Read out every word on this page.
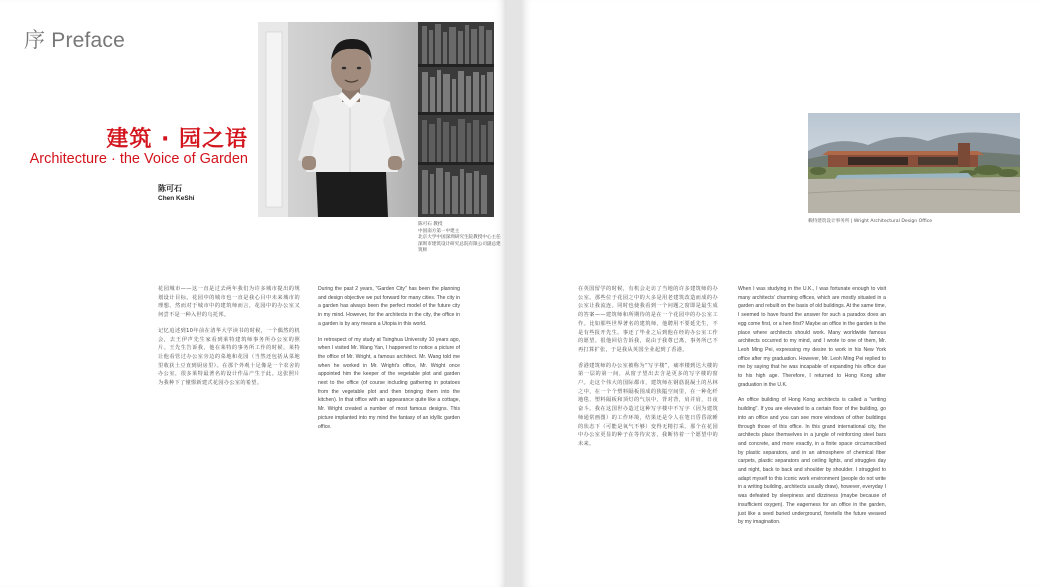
序 Preface
建筑 · 园之语
Architecture · the Voice of Garden
陈可石
Chen KeShi
陈可石 教授
中国南方第一中建主
北京大学中国深圳研究生院教授中心主任
深圳市建筑设计研究总院有限公司副总建筑师

花园城市——这一直是过去两年我们为许多城市提出的规划设计目标。花园中的城市也一直是我心目中未来城市的理想。然而对于城市中的建筑师而言，花园中的办公室又何尝不是一种入世的乌托邦。

记忆追述到10年前在清华大学读书的时候，一个偶然的机会，去王伊声先生家看到莱特建筑师事务所办公室的照片。王先生告诉我，他在莱特的事务所工作的时候，莱特让他看管过办公室旁边的菜地和花园（当然还包括从菜地里收获土豆直到厨房里）。在那个外观十足像是一个农舍的办公室，很多莱特最著名的设计作品产生于此。这张照片为我种下了憧憬新建式花园办公室的希望。

During the past 2 years, "Garden City" has been the planning and design objective we put forward for many cities. The city in a garden has always been the perfect model of the future city in my mind. However, for the architects in the city, the office in a garden is by any means a Utopia in this world.

In retrospect of my study at Tsinghua University 10 years ago, when I visited Mr. Wang Yan, I happened to notice a picture of the office of Mr. Wright, a famous architect. Mr. Wang told me when he worked in Mr. Wright's office, Mr. Wright once appointed him the keeper of the vegetable plot and garden next to the office (of course including gathering in potatoes from the vegetable plot and then bringing them into the kitchen). In that office with an appearance quite like a cottage, Mr. Wright created a number of most famous designs. This picture implanted into my mind the fantasy of an idyllic garden office.

赖特建筑设计事务所 | Wright Architectural Design Office

在英国留学的时候，有机会走访了当地的许多建筑师的办公室。那些位于花园之中的大多是用老建筑改造而成的办公室让我流连。同时也使我看到一个问题之窗即是最生成的答案——建筑师和所期待的是在一个花园中的办公室工作。比如那些世界著名的建筑师，他聘用不要延先生，不是有些报开先生。事还了毕业之后到他在经的办公室工作的愿望。很他回信告诉我，说由于我尊已离，事务所已不再打算扩张，于是我从英国全业起到了香港。

香港建筑师的办公室被称为“写字楼”，痛率楼到达大楼的第一层的第一间，从窗子望出去含是更多的写字楼的窗户。走这个伟大的国际都市，建筑师在钢筋混凝土的丛林之中，在一个个塑料隔板围成的狭隘空间里，在一种化纤地毯、塑料隔板和顶灯的气氛中，背对背，肩并肩，日夜奋斗。我在这国世办造过这种写字楼中不写字（因为建筑师通常画图）的工作环境，结果还是令人在笔日昏昏欲睡的状态下（可能是氧气不够）变得无精打采。那个在花园中办公室更显的种子在等待灾害，我断待着一个愿望中的未来。

When I was studying in the U.K., I was fortunate enough to visit many architects' charming offices, which are mostly situated in a garden and rebuilt on the basis of old buildings. At the same time, I seemed to have found the answer for such a paradox does an egg come first, or a hen first? Maybe an office in the garden is the place where architects should work. Many worldwide famous architects occurred to my mind, and I wrote to one of them, Mr. Leoh Ming Pei, expressing my desire to work in his New York office after my graduation. However, Mr. Leoh Ming Pei replied to me by saying that he was incapable of expanding his office due to his high age. Therefore, I returned to Hong Kong after graduation in the U.K.

An office building of Hong Kong architects is called a "writing building". If you are elevated to a certain floor of the building, go into an office and you can see more windows of other buildings through those of this office. In this grand international city, the architects place themselves in a jungle of reinforcing steel bars and concrete, and more exactly, in a finite space circumscribed by plastic separators, and in an atmosphere of chemical fiber carpets, plastic separators and ceiling lights, and struggles day and night, back to back and shoulder by shoulder. I struggled to adapt myself to this iconic work environment (people do not write in a writing building, architects usually draw), however, everyday I was defeated by sleepiness and dizziness (maybe because of insufficient oxygen). The eagerness for an office in the garden, just like a seed buried underground, foretells the future weaved by my imagination.
